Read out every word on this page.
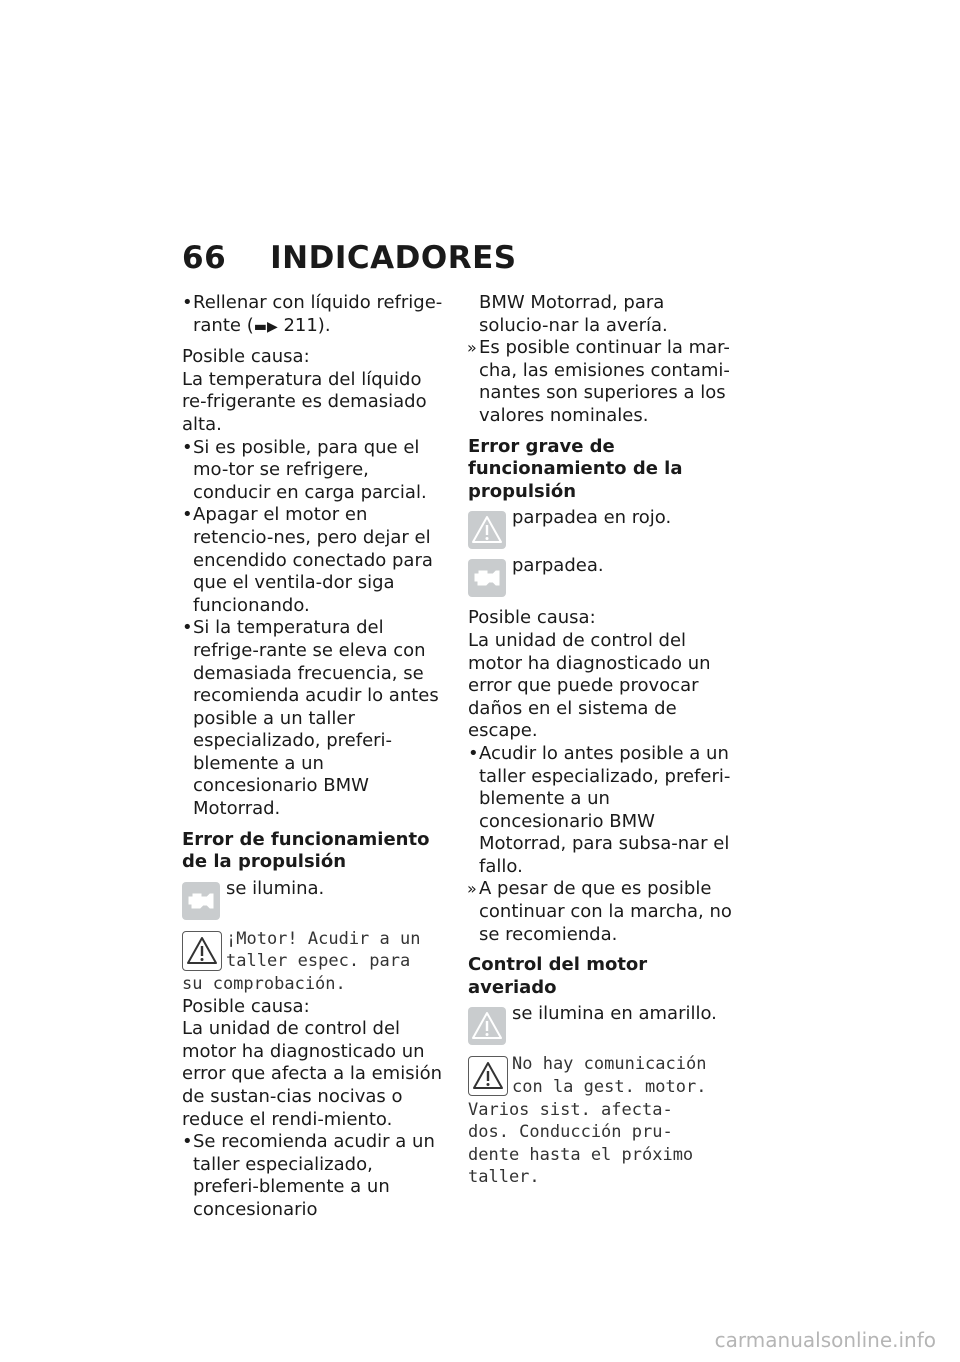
66 INDICADORES

• Rellenar con líquido refrige-rante (▬▶ 211).

Posible causa:

La temperatura del líquido re-frigerante es demasiado alta.

• Si es posible, para que el mo-tor se refrigere, conducir en carga parcial.

• Apagar el motor en retencio-nes, pero dejar el encendido conectado para que el ventila-dor siga funcionando.

• Si la temperatura del refrige-rante se eleva con demasiada frecuencia, se recomienda acudir lo antes posible a un taller especializado, preferi-blemente a un concesionario BMW Motorrad.

Error de funcionamiento de la propulsión

se ilumina.

¡Motor! Acudir a un
taller espec. para
su comprobación.

Posible causa:

La unidad de control del motor ha diagnosticado un error que afecta a la emisión de sustan-cias nocivas o reduce el rendi-miento.

• Se recomienda acudir a un taller especializado, preferi-blemente a un concesionario

BMW Motorrad, para solucio-nar la avería.

» Es posible continuar la mar-cha, las emisiones contami-nantes son superiores a los valores nominales.

Error grave de funcionamiento de la propulsión

parpadea en rojo.

parpadea.

Posible causa:

La unidad de control del motor ha diagnosticado un error que puede provocar daños en el sistema de escape.

• Acudir lo antes posible a un taller especializado, preferi-blemente a un concesionario BMW Motorrad, para subsa-nar el fallo.

» A pesar de que es posible continuar con la marcha, no se recomienda.

Control del motor averiado

se ilumina en amarillo.

No hay comunicación
con la gest. motor.
Varios sist. afecta-
dos. Conducción pru-
dente hasta el próximo
taller.
carmanualsonline.info
